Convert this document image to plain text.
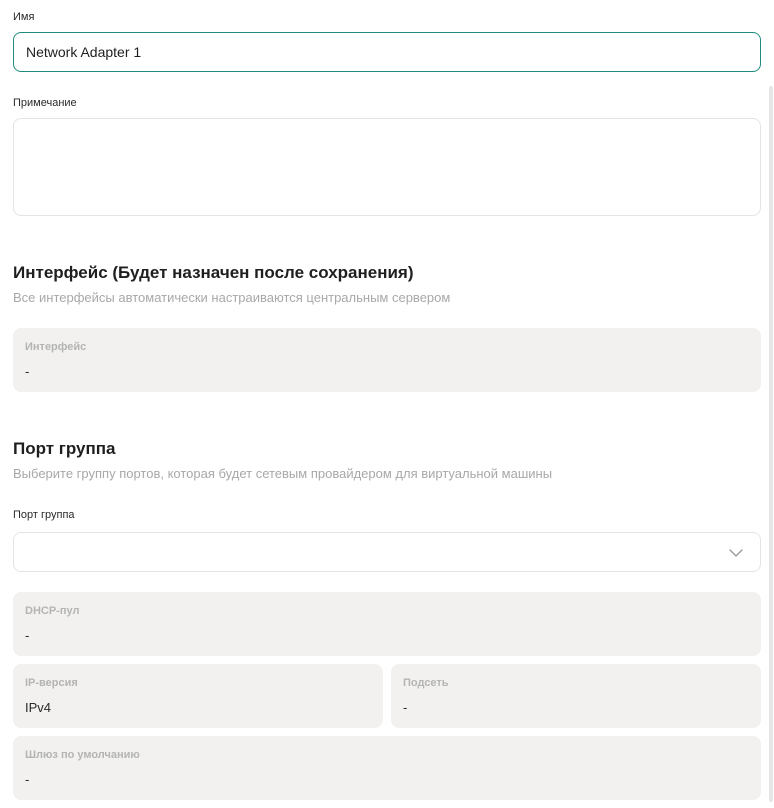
Имя
Network Adapter 1
Примечание
Интерфейс (Будет назначен после сохранения)
Все интерфейсы автоматически настраиваются центральным сервером
Интерфейс
-
Порт группа
Выберите группу портов, которая будет сетевым провайдером для виртуальной машины
Порт группа
DHCP-пул
-
IP-версия
IPv4
Подсеть
-
Шлюз по умолчанию
-
